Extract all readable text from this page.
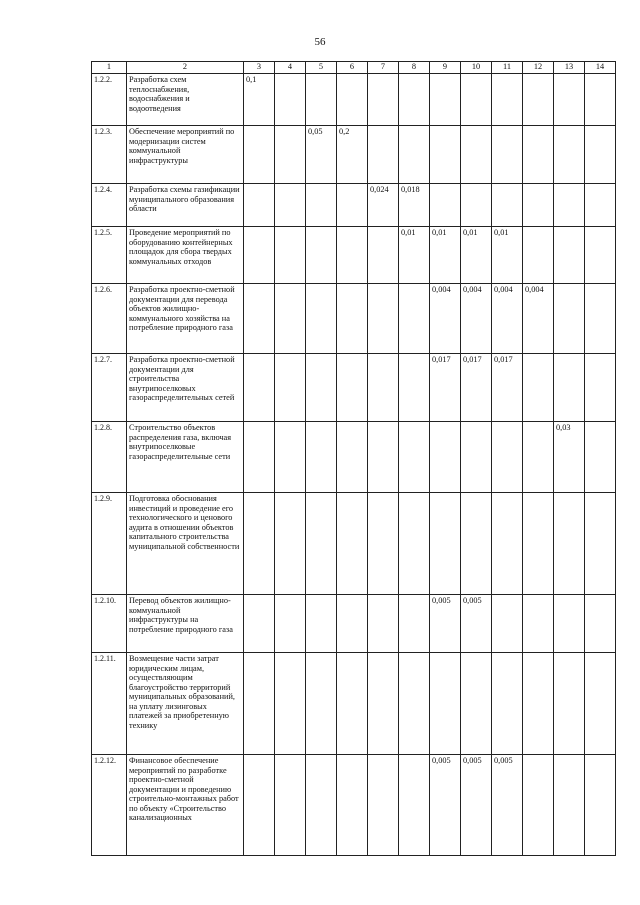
56
1	2	3	4	5	6	7	8	9	10	11	12	13	14
1.2.2.	Разработка схем теплоснабжения, водоснабжения и водоотведения	0,1											
1.2.3.	Обеспечение мероприятий по модернизации систем коммунальной инфраструктуры			0,05	0,2								
1.2.4.	Разработка схемы газификации муниципального образования области					0,024	0,018						
1.2.5.	Проведение мероприятий по оборудованию контейнерных площадок для сбора твердых коммунальных отходов						0,01	0,01	0,01	0,01			
1.2.6.	Разработка проектно-сметной документации для перевода объектов жилищно-коммунального хозяйства на потребление природного газа							0,004	0,004	0,004	0,004		
1.2.7.	Разработка проектно-сметной документации для строительства внутрипоселковых газораспределительных сетей							0,017	0,017	0,017			
1.2.8.	Строительство объектов распределения газа, включая внутрипоселковые газораспределительные сети											0,03	
1.2.9.	Подготовка обоснования инвестиций и проведение его технологического и ценового аудита в отношении объектов капитального строительства муниципальной собственности												
1.2.10.	Перевод объектов жилищно-коммунальной инфраструктуры на потребление природного газа							0,005	0,005				
1.2.11.	Возмещение части затрат юридическим лицам, осуществляющим благоустройство территорий муниципальных образований, на уплату лизинговых платежей за приобретенную технику												
1.2.12.	Финансовое обеспечение мероприятий по разработке проектно-сметной документации и проведению строительно-монтажных работ по объекту «Строительство канализационных							0,005	0,005	0,005			
